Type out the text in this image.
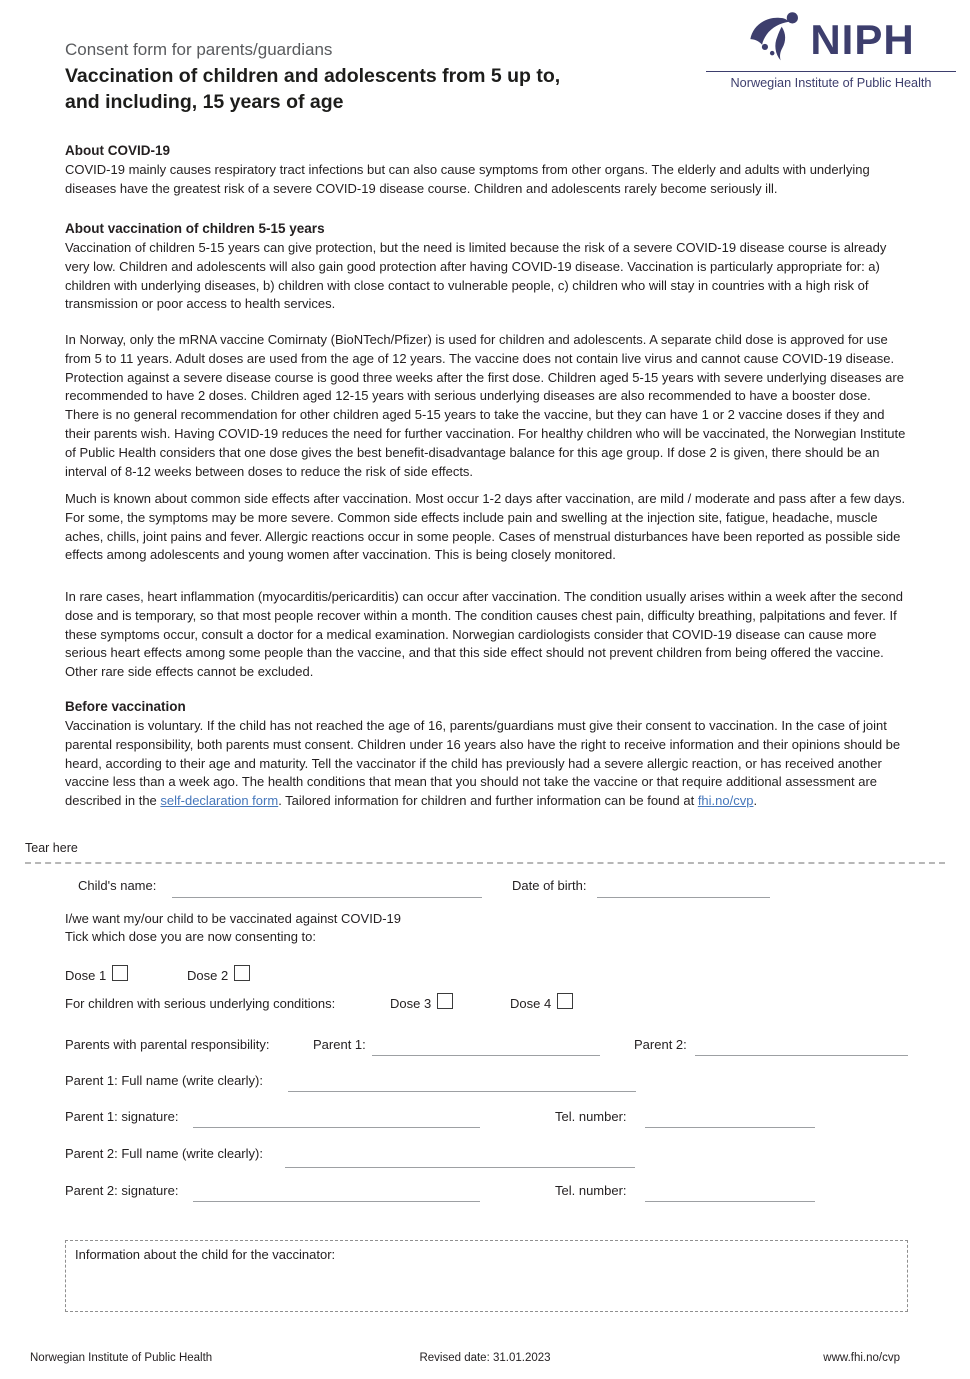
Consent form for parents/guardians
Vaccination of children and adolescents from 5 up to,
and including, 15 years of age
NIPH
Norwegian Institute of Public Health
About COVID-19
COVID-19 mainly causes respiratory tract infections but can also cause symptoms from other organs. The elderly and adults with underlying diseases have the greatest risk of a severe COVID-19 disease course. Children and adolescents rarely become seriously ill.
About vaccination of children 5-15 years
Vaccination of children 5-15 years can give protection, but the need is limited because the risk of a severe COVID-19 disease course is already very low. Children and adolescents will also gain good protection after having COVID-19 disease. Vaccination is particularly appropriate for: a) children with underlying diseases, b) children with close contact to vulnerable people, c) children who will stay in countries with a high risk of transmission or poor access to health services.
In Norway, only the mRNA vaccine Comirnaty (BioNTech/Pfizer) is used for children and adolescents. A separate child dose is approved for use from 5 to 11 years. Adult doses are used from the age of 12 years. The vaccine does not contain live virus and cannot cause COVID-19 disease. Protection against a severe disease course is good three weeks after the first dose. Children aged 5-15 years with severe underlying diseases are recommended to have 2 doses. Children aged 12-15 years with serious underlying diseases are also recommended to have a booster dose. There is no general recommendation for other children aged 5-15 years to take the vaccine, but they can have 1 or 2 vaccine doses if they and their parents wish. Having COVID-19 reduces the need for further vaccination. For healthy children who will be vaccinated, the Norwegian Institute of Public Health considers that one dose gives the best benefit-disadvantage balance for this age group. If dose 2 is given, there should be an interval of 8-12 weeks between doses to reduce the risk of side effects.
Much is known about common side effects after vaccination. Most occur 1-2 days after vaccination, are mild / moderate and pass after a few days. For some, the symptoms may be more severe. Common side effects include pain and swelling at the injection site, fatigue, headache, muscle aches, chills, joint pains and fever. Allergic reactions occur in some people. Cases of menstrual disturbances have been reported as possible side effects among adolescents and young women after vaccination. This is being closely monitored.
In rare cases, heart inflammation (myocarditis/pericarditis) can occur after vaccination. The condition usually arises within a week after the second dose and is temporary, so that most people recover within a month. The condition causes chest pain, difficulty breathing, palpitations and fever. If these symptoms occur, consult a doctor for a medical examination. Norwegian cardiologists consider that COVID-19 disease can cause more serious heart effects among some people than the vaccine, and that this side effect should not prevent children from being offered the vaccine. Other rare side effects cannot be excluded.
Before vaccination
Vaccination is voluntary. If the child has not reached the age of 16, parents/guardians must give their consent to vaccination. In the case of joint parental responsibility, both parents must consent. Children under 16 years also have the right to receive information and their opinions should be heard, according to their age and maturity. Tell the vaccinator if the child has previously had a severe allergic reaction, or has received another vaccine less than a week ago. The health conditions that mean that you should not take the vaccine or that require additional assessment are described in the self-declaration form. Tailored information for children and further information can be found at fhi.no/cvp.
Tear here
Child's name:	Date of birth:
I/we want my/our child to be vaccinated against COVID-19
Tick which dose you are now consenting to:
Dose 1	Dose 2
For children with serious underlying conditions:	Dose 3	Dose 4
Parents with parental responsibility:	Parent 1:	Parent 2:
Parent 1: Full name (write clearly):
Parent 1: signature:	Tel. number:
Parent 2: Full name (write clearly):
Parent 2: signature:	Tel. number:
Information about the child for the vaccinator:
Norwegian Institute of Public Health	Revised date: 31.01.2023	www.fhi.no/cvp
